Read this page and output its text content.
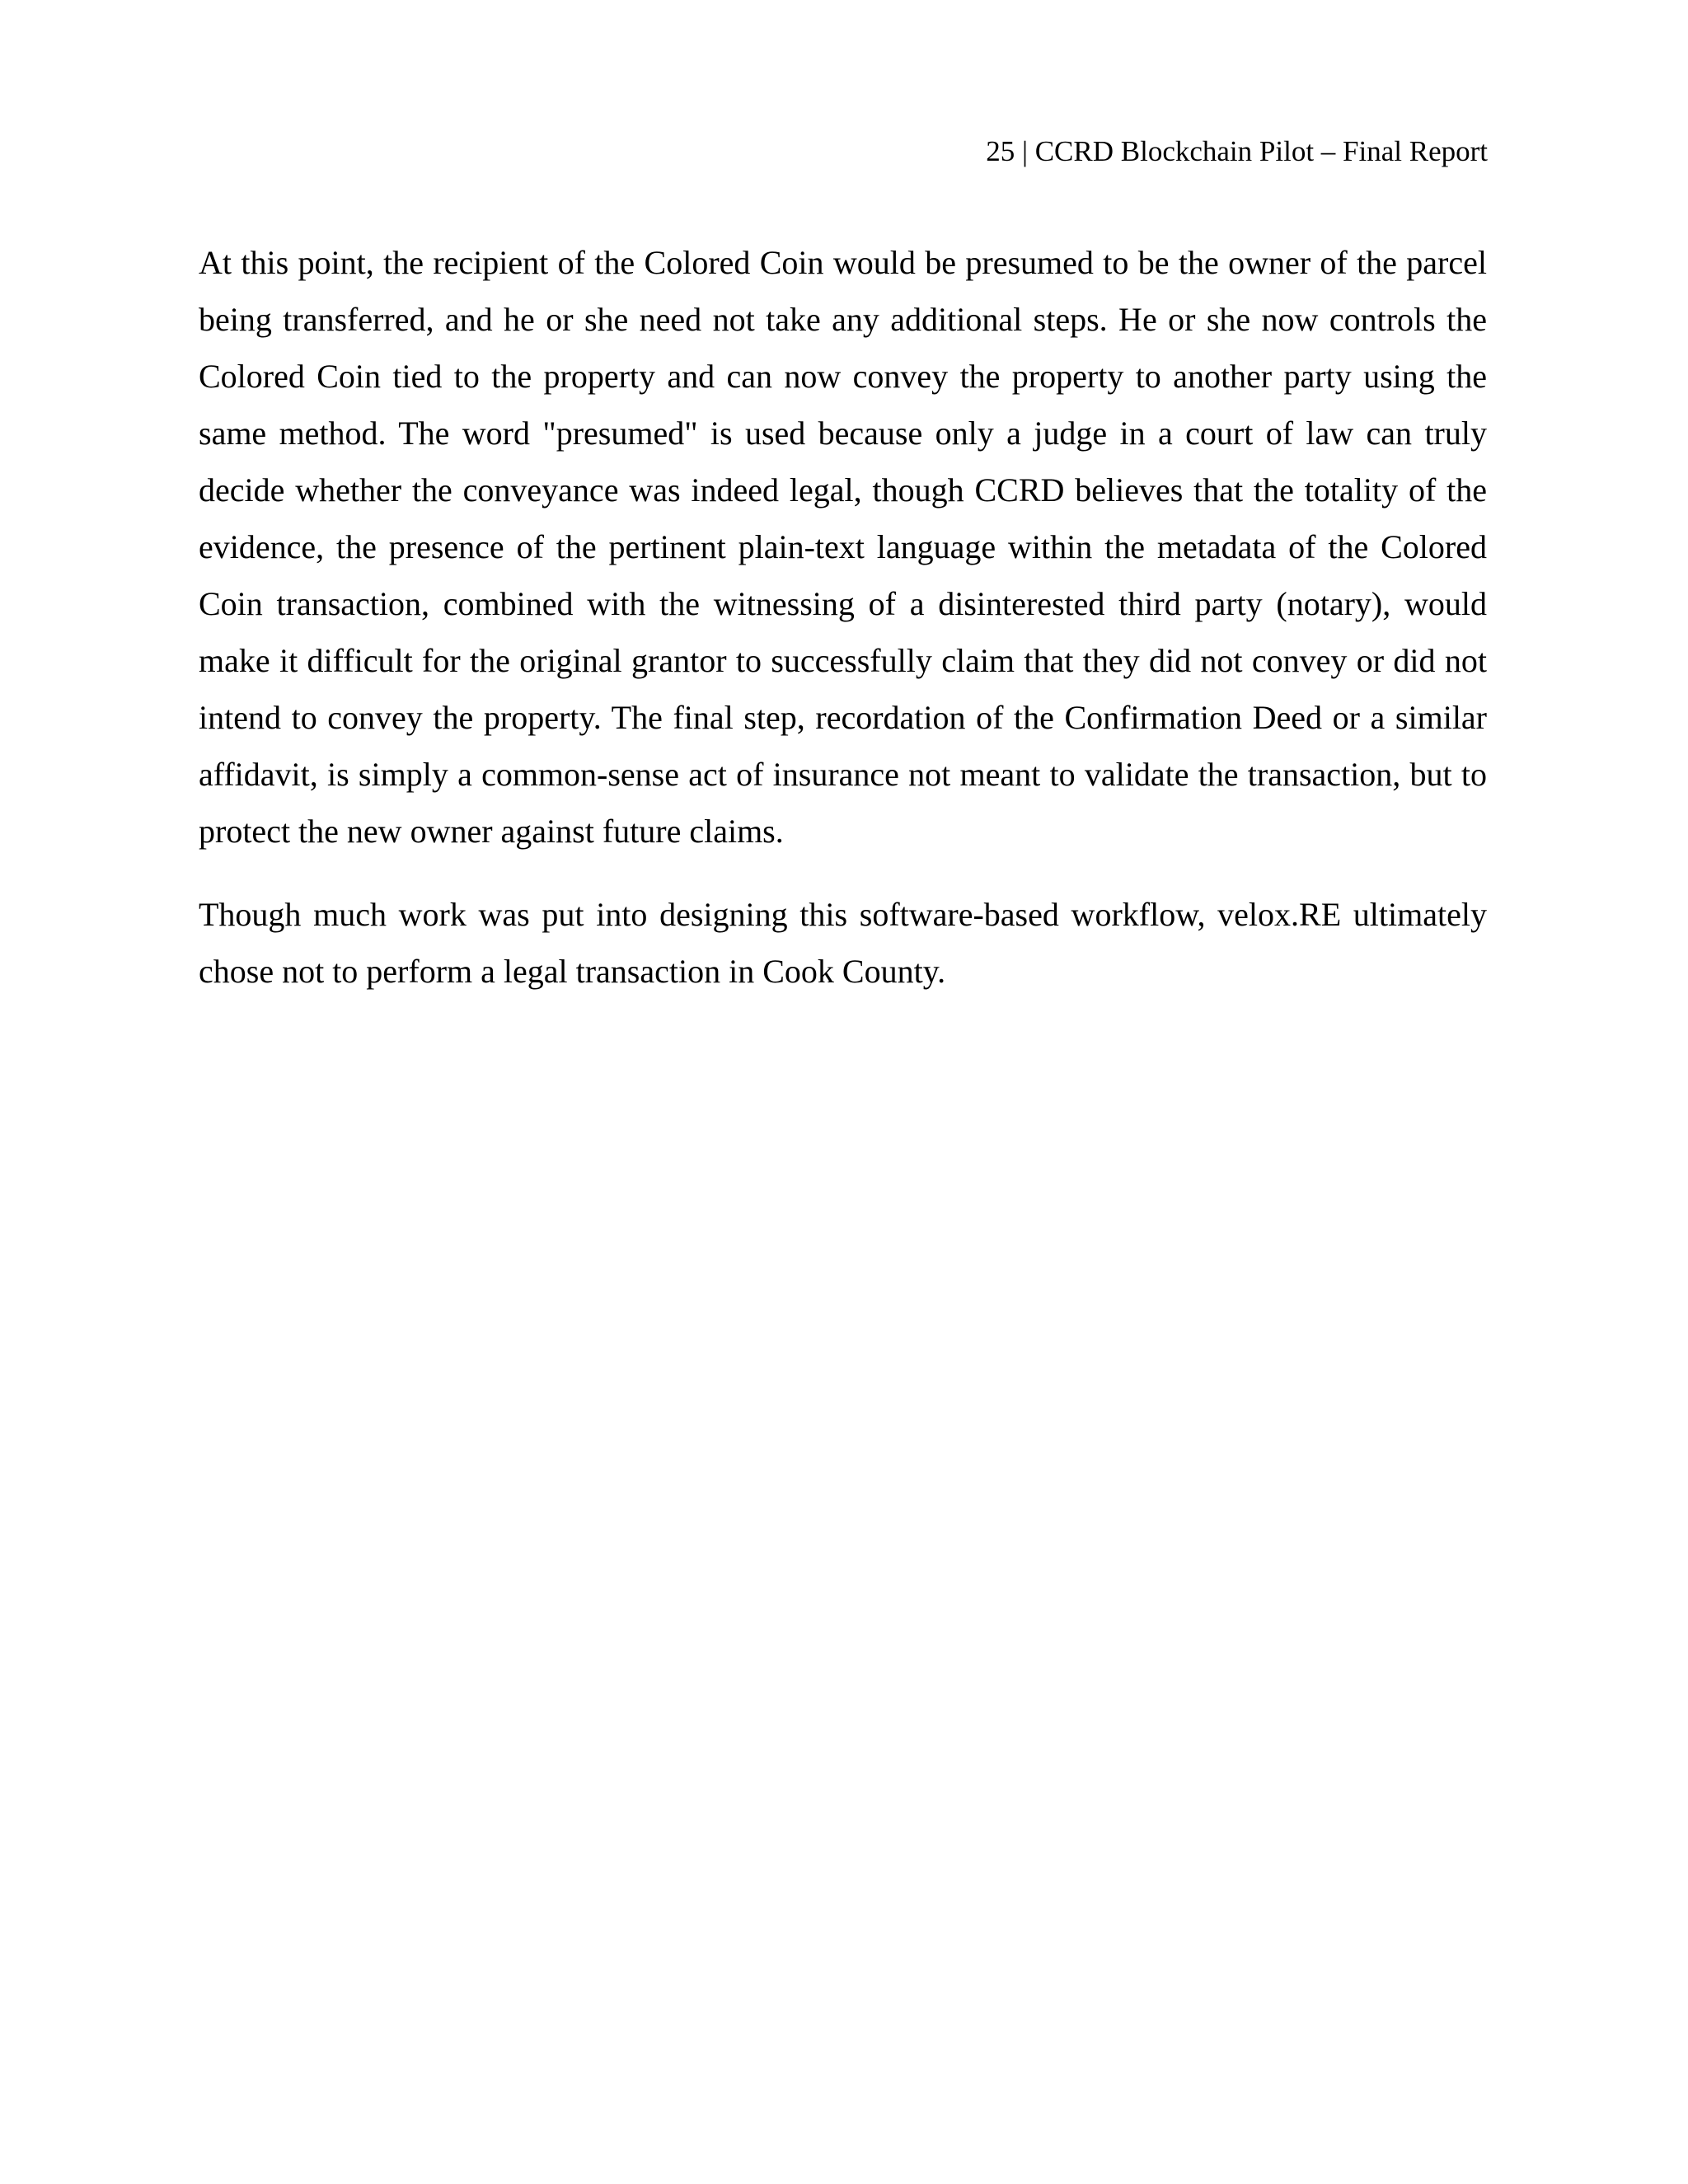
25 | CCRD Blockchain Pilot – Final Report

At this point, the recipient of the Colored Coin would be presumed to be the owner of the parcel being transferred, and he or she need not take any additional steps. He or she now controls the Colored Coin tied to the property and can now convey the property to another party using the same method. The word "presumed" is used because only a judge in a court of law can truly decide whether the conveyance was indeed legal, though CCRD believes that the totality of the evidence, the presence of the pertinent plain-text language within the metadata of the Colored Coin transaction, combined with the witnessing of a disinterested third party (notary), would make it difficult for the original grantor to successfully claim that they did not convey or did not intend to convey the property. The final step, recordation of the Confirmation Deed or a similar affidavit, is simply a common-sense act of insurance not meant to validate the transaction, but to protect the new owner against future claims.

Though much work was put into designing this software-based workflow, velox.RE ultimately chose not to perform a legal transaction in Cook County.
